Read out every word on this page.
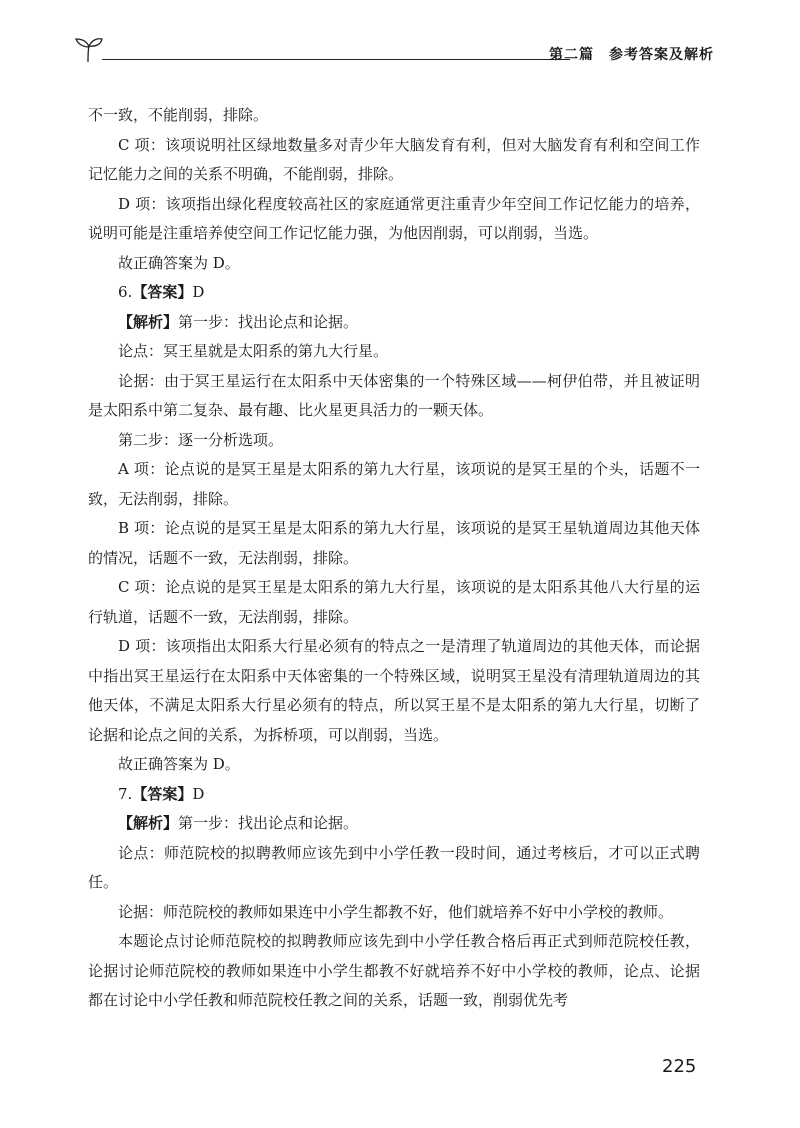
第二篇　参考答案及解析

不一致，不能削弱，排除。

C 项：该项说明社区绿地数量多对青少年大脑发育有利，但对大脑发育有利和空间工作记忆能力之间的关系不明确，不能削弱，排除。

D 项：该项指出绿化程度较高社区的家庭通常更注重青少年空间工作记忆能力的培养，说明可能是注重培养使空间工作记忆能力强，为他因削弱，可以削弱，当选。

故正确答案为 D。

6.【答案】D

【解析】第一步：找出论点和论据。

论点：冥王星就是太阳系的第九大行星。

论据：由于冥王星运行在太阳系中天体密集的一个特殊区域——柯伊伯带，并且被证明是太阳系中第二复杂、最有趣、比火星更具活力的一颗天体。

第二步：逐一分析选项。

A 项：论点说的是冥王星是太阳系的第九大行星，该项说的是冥王星的个头，话题不一致，无法削弱，排除。

B 项：论点说的是冥王星是太阳系的第九大行星，该项说的是冥王星轨道周边其他天体的情况，话题不一致，无法削弱，排除。

C 项：论点说的是冥王星是太阳系的第九大行星，该项说的是太阳系其他八大行星的运行轨道，话题不一致，无法削弱，排除。

D 项：该项指出太阳系大行星必须有的特点之一是清理了轨道周边的其他天体，而论据中指出冥王星运行在太阳系中天体密集的一个特殊区域，说明冥王星没有清理轨道周边的其他天体，不满足太阳系大行星必须有的特点，所以冥王星不是太阳系的第九大行星，切断了论据和论点之间的关系，为拆桥项，可以削弱，当选。

故正确答案为 D。

7.【答案】D

【解析】第一步：找出论点和论据。

论点：师范院校的拟聘教师应该先到中小学任教一段时间，通过考核后，才可以正式聘任。

论据：师范院校的教师如果连中小学生都教不好，他们就培养不好中小学校的教师。

本题论点讨论师范院校的拟聘教师应该先到中小学任教合格后再正式到师范院校任教，论据讨论师范院校的教师如果连中小学生都教不好就培养不好中小学校的教师，论点、论据都在讨论中小学任教和师范院校任教之间的关系，话题一致，削弱优先考

225
